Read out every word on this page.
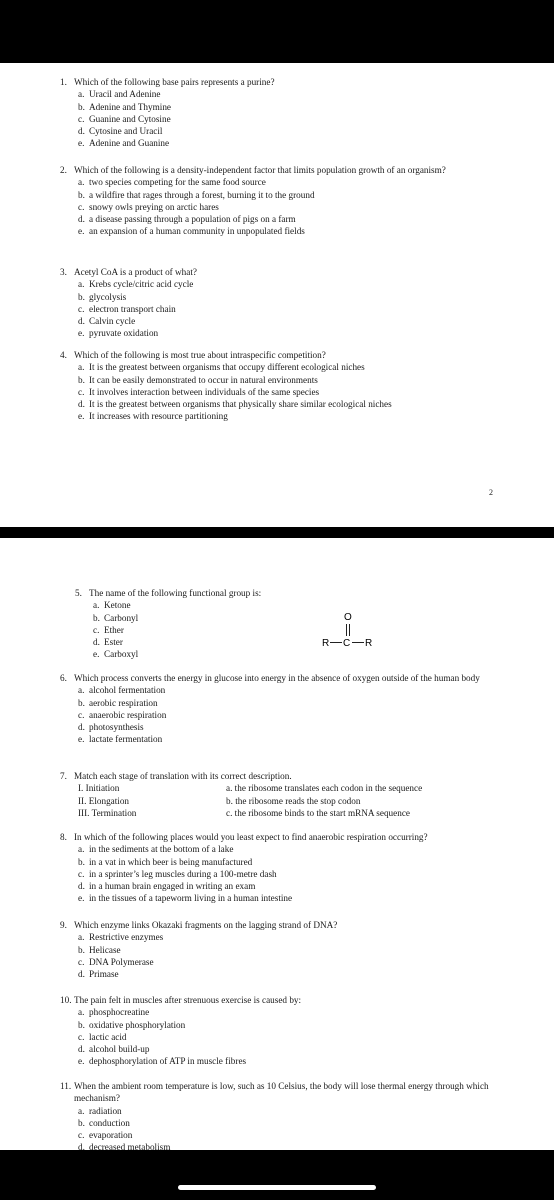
1. Which of the following base pairs represents a purine?
a. Uracil and Adenine
b. Adenine and Thymine
c. Guanine and Cytosine
d. Cytosine and Uracil
e. Adenine and Guanine
2. Which of the following is a density-independent factor that limits population growth of an organism?
a. two species competing for the same food source
b. a wildfire that rages through a forest, burning it to the ground
c. snowy owls preying on arctic hares
d. a disease passing through a population of pigs on a farm
e. an expansion of a human community in unpopulated fields
3. Acetyl CoA is a product of what?
a. Krebs cycle/citric acid cycle
b. glycolysis
c. electron transport chain
d. Calvin cycle
e. pyruvate oxidation
4. Which of the following is most true about intraspecific competition?
a. It is the greatest between organisms that occupy different ecological niches
b. It can be easily demonstrated to occur in natural environments
c. It involves interaction between individuals of the same species
d. It is the greatest between organisms that physically share similar ecological niches
e. It increases with resource partitioning
2
5. The name of the following functional group is:
a. Ketone
b. Carbonyl
c. Ether
d. Ester
e. Carboxyl
O
R C R
6. Which process converts the energy in glucose into energy in the absence of oxygen outside of the human body
a. alcohol fermentation
b. aerobic respiration
c. anaerobic respiration
d. photosynthesis
e. lactate fermentation
7. Match each stage of translation with its correct description.
I. Initiation	a. the ribosome translates each codon in the sequence
II. Elongation	b. the ribosome reads the stop codon
III. Termination	c. the ribosome binds to the start mRNA sequence
8. In which of the following places would you least expect to find anaerobic respiration occurring?
a. in the sediments at the bottom of a lake
b. in a vat in which beer is being manufactured
c. in a sprinter’s leg muscles during a 100-metre dash
d. in a human brain engaged in writing an exam
e. in the tissues of a tapeworm living in a human intestine
9. Which enzyme links Okazaki fragments on the lagging strand of DNA?
a. Restrictive enzymes
b. Helicase
c. DNA Polymerase
d. Primase
10. The pain felt in muscles after strenuous exercise is caused by:
a. phosphocreatine
b. oxidative phosphorylation
c. lactic acid
d. alcohol build-up
e. dephosphorylation of ATP in muscle fibres
11. When the ambient room temperature is low, such as 10 Celsius, the body will lose thermal energy through which mechanism?
a. radiation
b. conduction
c. evaporation
d. decreased metabolism
